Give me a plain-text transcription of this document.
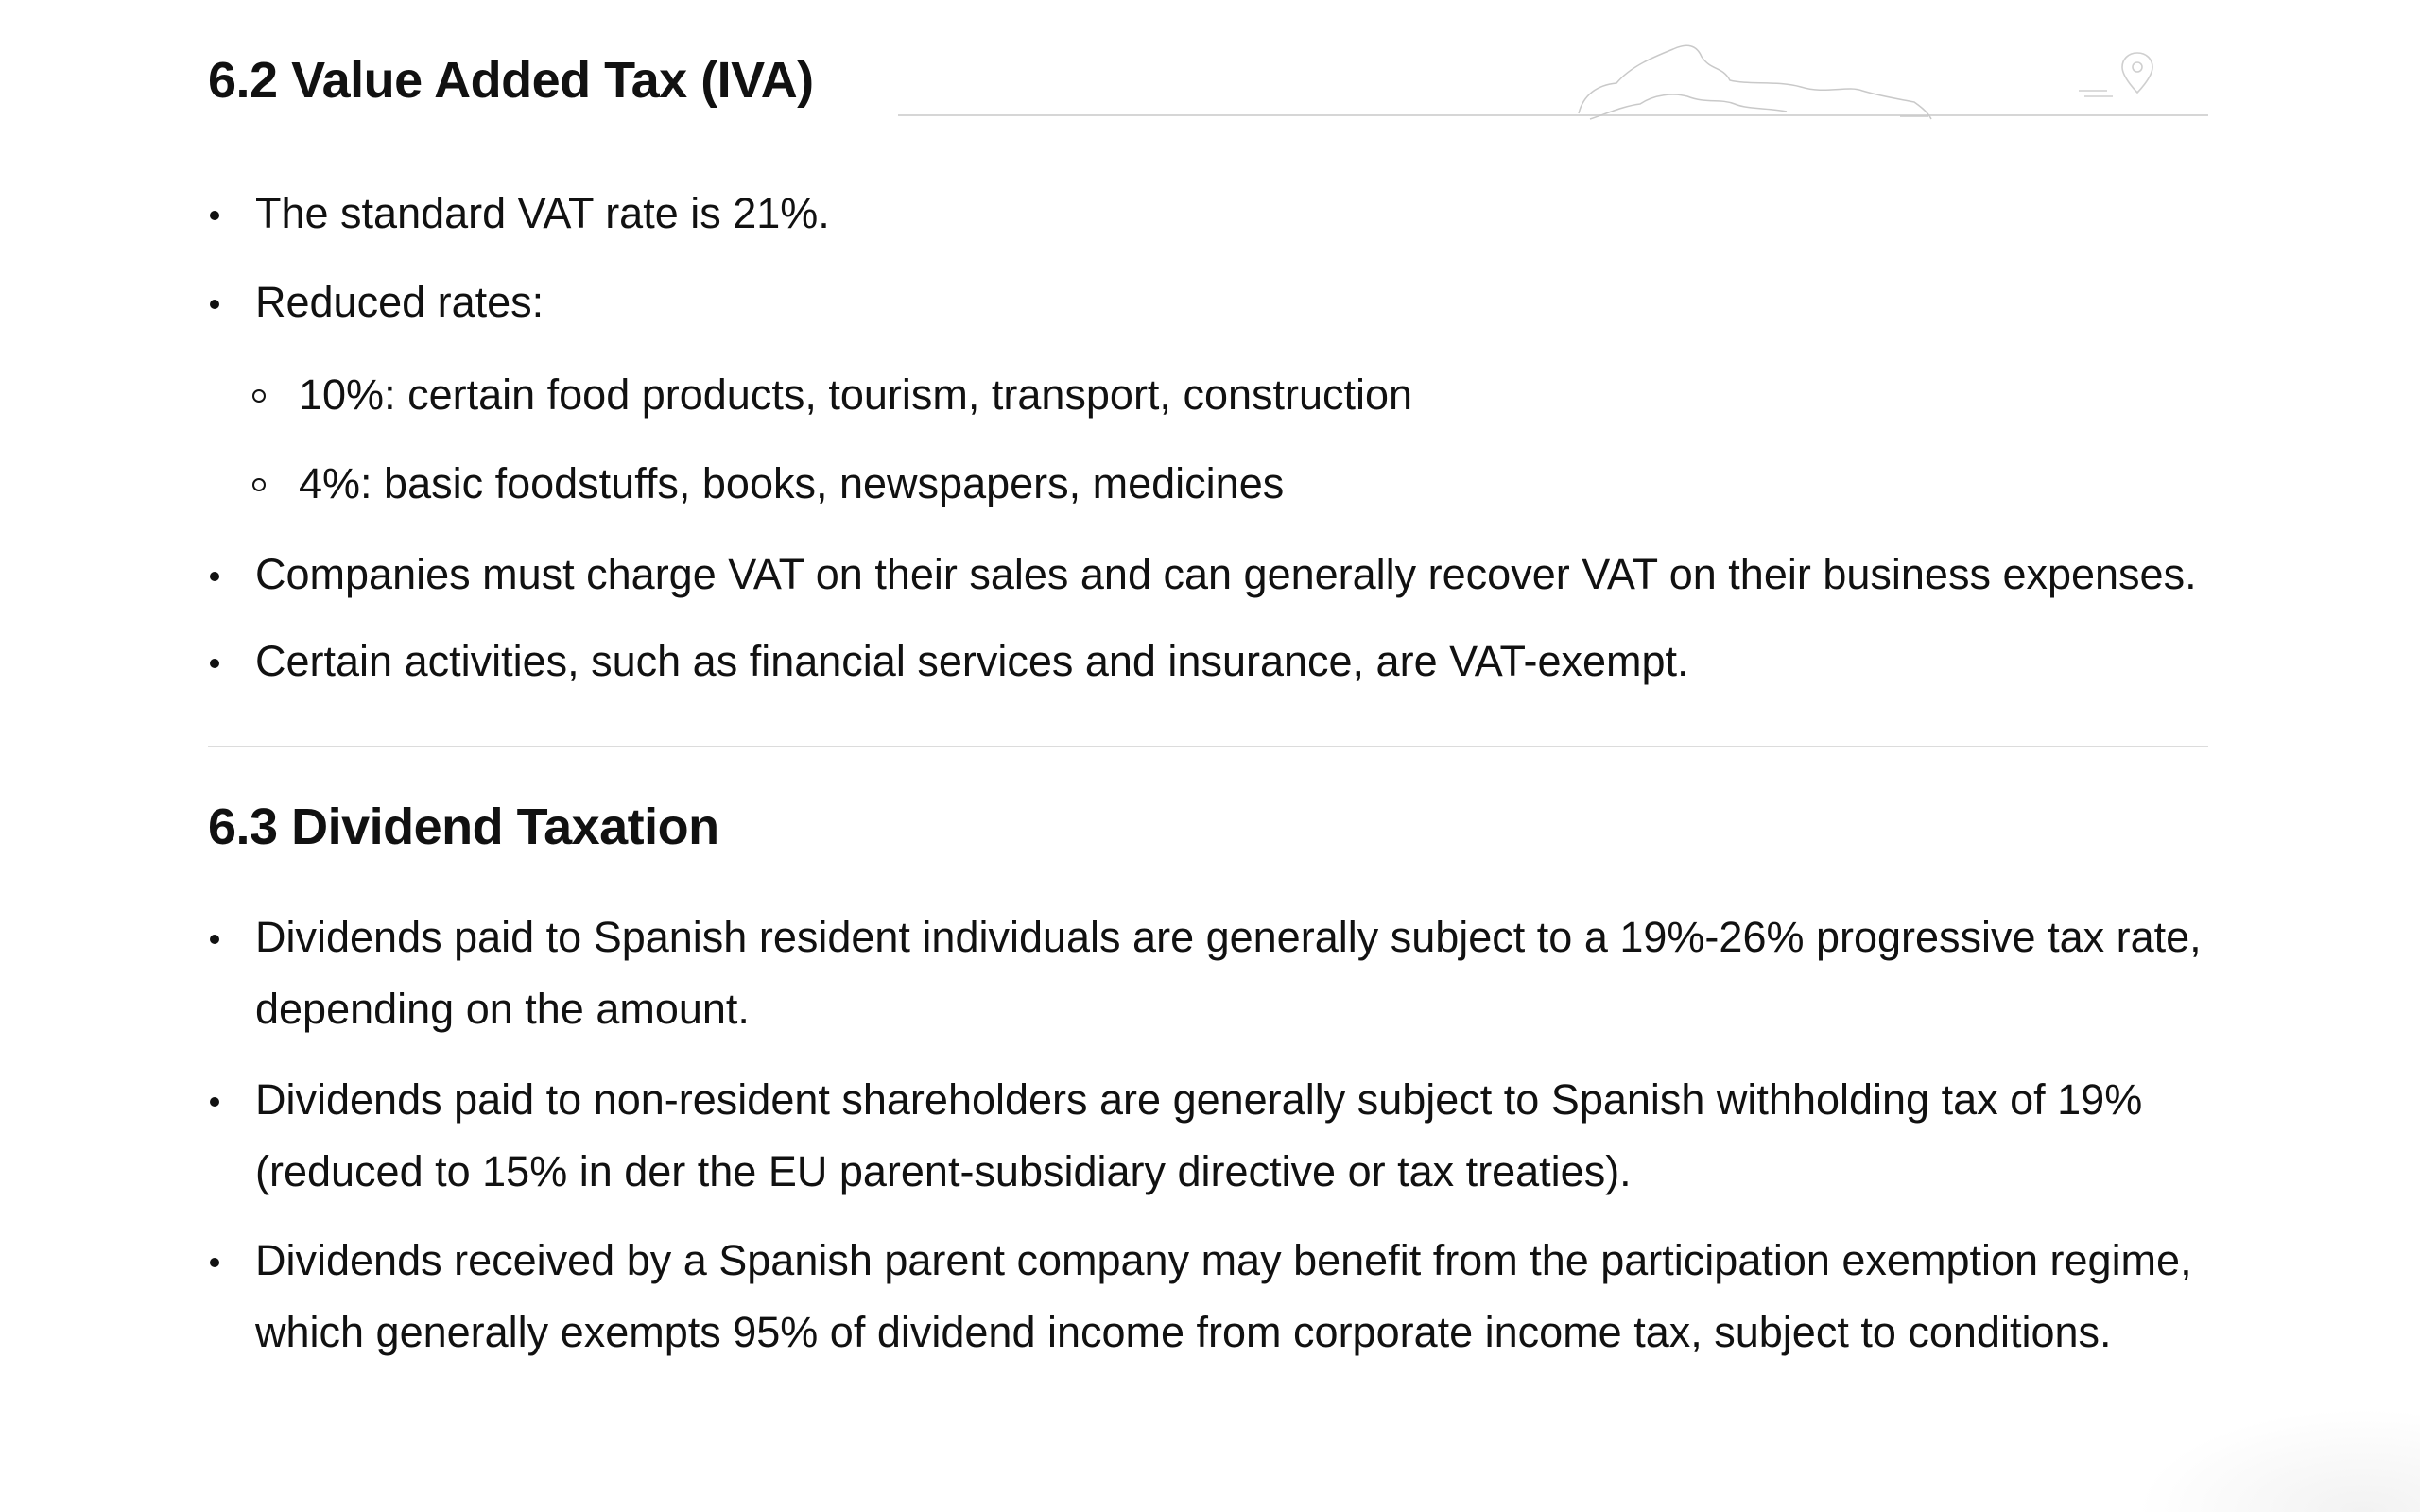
6.2 Value Added Tax (IVA)
The standard VAT rate is 21%.
Reduced rates:
10%: certain food products, tourism, transport, construction
4%: basic foodstuffs, books, newspapers, medicines
Companies must charge VAT on their sales and can generally recover VAT on their business expenses.
Certain activities, such as financial services and insurance, are VAT-exempt.
6.3 Dividend Taxation
Dividends paid to Spanish resident individuals are generally subject to a 19%-26% progressive tax rate, depending on the amount.
Dividends paid to non-resident shareholders are generally subject to Spanish withholding tax of 19% (reduced to 15% in der the EU parent-subsidiary directive or tax treaties).
Dividends received by a Spanish parent company may benefit from the participation exemption regime, which generally exempts 95% of dividend income from corporate income tax, subject to conditions.
